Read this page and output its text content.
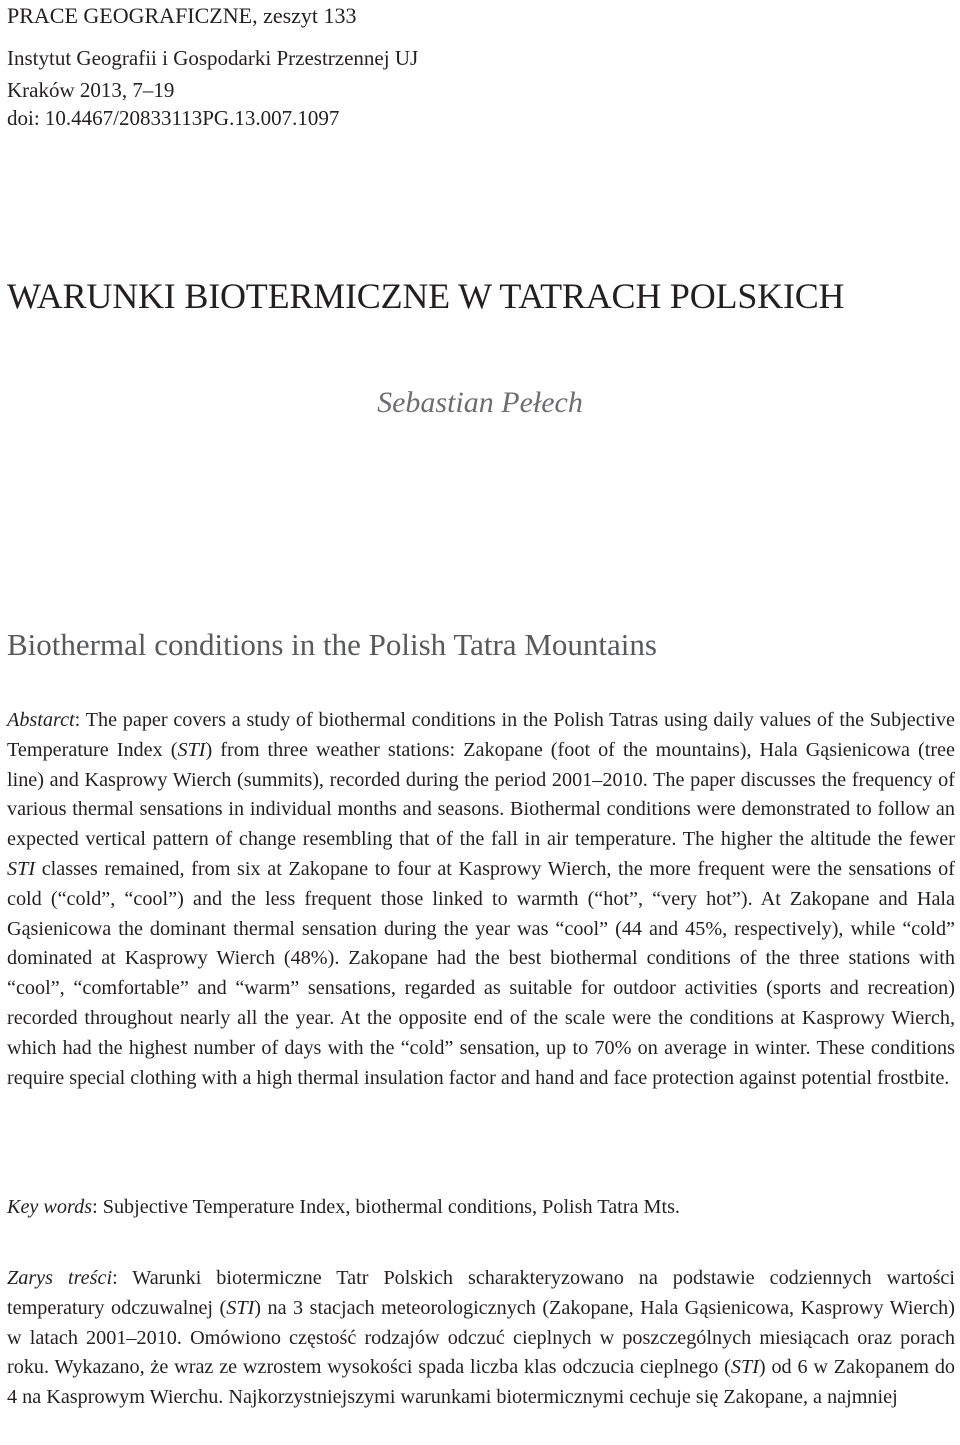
PRACE GEOGRAFICZNE, zeszyt 133

Instytut Geografii i Gospodarki Przestrzennej UJ

Kraków 2013, 7–19

doi: 10.4467/20833113PG.13.007.1097

WARUNKI BIOTERMICZNE W TATRACH POLSKICH

Sebastian Pełech

Biothermal conditions in the Polish Tatra Mountains

Abstarct: The paper covers a study of biothermal conditions in the Polish Tatras using daily values of the Subjective Temperature Index (STI) from three weather stations: Zakopane (foot of the mountains), Hala Gąsienicowa (tree line) and Kasprowy Wierch (summits), recorded during the period 2001–2010. The paper discusses the frequency of various thermal sensations in individual months and seasons. Biothermal conditions were demonstrated to follow an expected vertical pattern of change resembling that of the fall in air temperature. The higher the altitude the fewer STI classes remained, from six at Zakopane to four at Kasprowy Wierch, the more frequent were the sensations of cold (“cold”, “cool”) and the less frequent those linked to warmth (“hot”, “very hot”). At Zakopane and Hala Gąsienicowa the dominant thermal sensation during the year was “cool” (44 and 45%, respectively), while “cold” dominated at Kasprowy Wierch (48%). Zakopane had the best biothermal conditions of the three stations with “cool”, “comfortable” and “warm” sensations, regarded as suitable for outdoor activities (sports and recreation) recorded throughout nearly all the year. At the opposite end of the scale were the conditions at Kasprowy Wierch, which had the highest number of days with the “cold” sensation, up to 70% on average in winter. These conditions require special clothing with a high thermal insulation factor and hand and face protection against potential frostbite.

Key words: Subjective Temperature Index, biothermal conditions, Polish Tatra Mts.

Zarys treści: Warunki biotermiczne Tatr Polskich scharakteryzowano na podstawie codziennych wartości temperatury odczuwalnej (STI) na 3 stacjach meteorologicznych (Zakopane, Hala Gąsienicowa, Kasprowy Wierch) w latach 2001–2010. Omówiono częstość rodzajów odczuć cieplnych w poszczególnych miesiącach oraz porach roku. Wykazano, że wraz ze wzrostem wysokości spada liczba klas odczucia cieplnego (STI) od 6 w Zakopanem do 4 na Kasprowym Wierchu. Najkorzystniejszymi warunkami biotermicznymi cechuje się Zakopane, a najmniej
